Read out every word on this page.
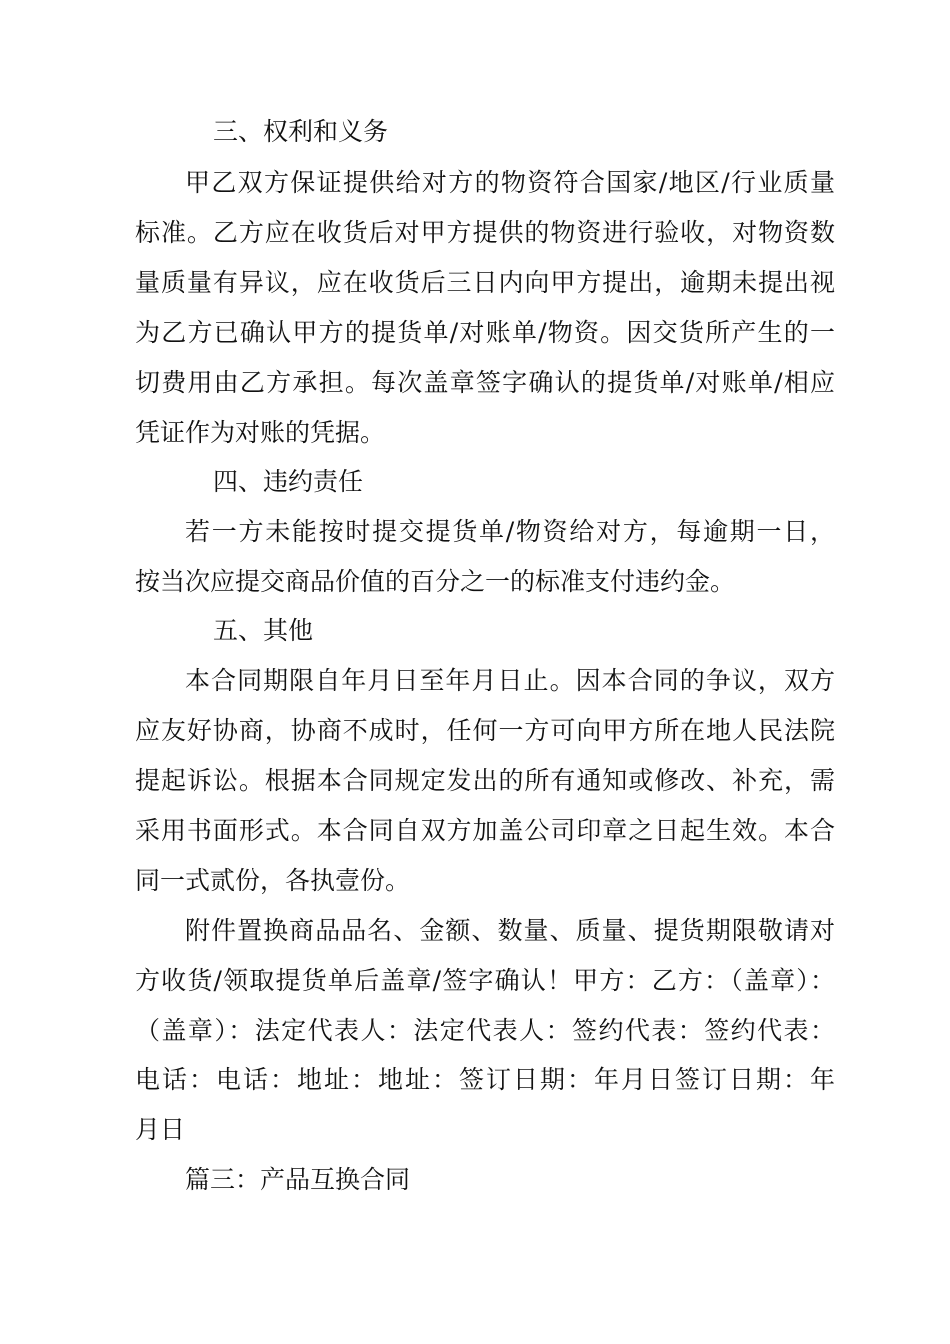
三、权利和义务
甲乙双方保证提供给对方的物资符合国家/地区/行业质量
标准。乙方应在收货后对甲方提供的物资进行验收，对物资数
量质量有异议，应在收货后三日内向甲方提出，逾期未提出视
为乙方已确认甲方的提货单/对账单/物资。因交货所产生的一
切费用由乙方承担。每次盖章签字确认的提货单/对账单/相应
凭证作为对账的凭据。
四、违约责任
若一方未能按时提交提货单/物资给对方，每逾期一日，
按当次应提交商品价值的百分之一的标准支付违约金。
五、其他
本合同期限自年月日至年月日止。因本合同的争议，双方
应友好协商，协商不成时，任何一方可向甲方所在地人民法院
提起诉讼。根据本合同规定发出的所有通知或修改、补充，需
采用书面形式。本合同自双方加盖公司印章之日起生效。本合
同一式贰份，各执壹份。
附件置换商品品名、金额、数量、质量、提货期限敬请对
方收货/领取提货单后盖章/签字确认！甲方：乙方：（盖章）：
（盖章）：法定代表人：法定代表人：签约代表：签约代表：
电话：电话：地址：地址：签订日期：年月日签订日期：年
月日
篇三：产品互换合同
